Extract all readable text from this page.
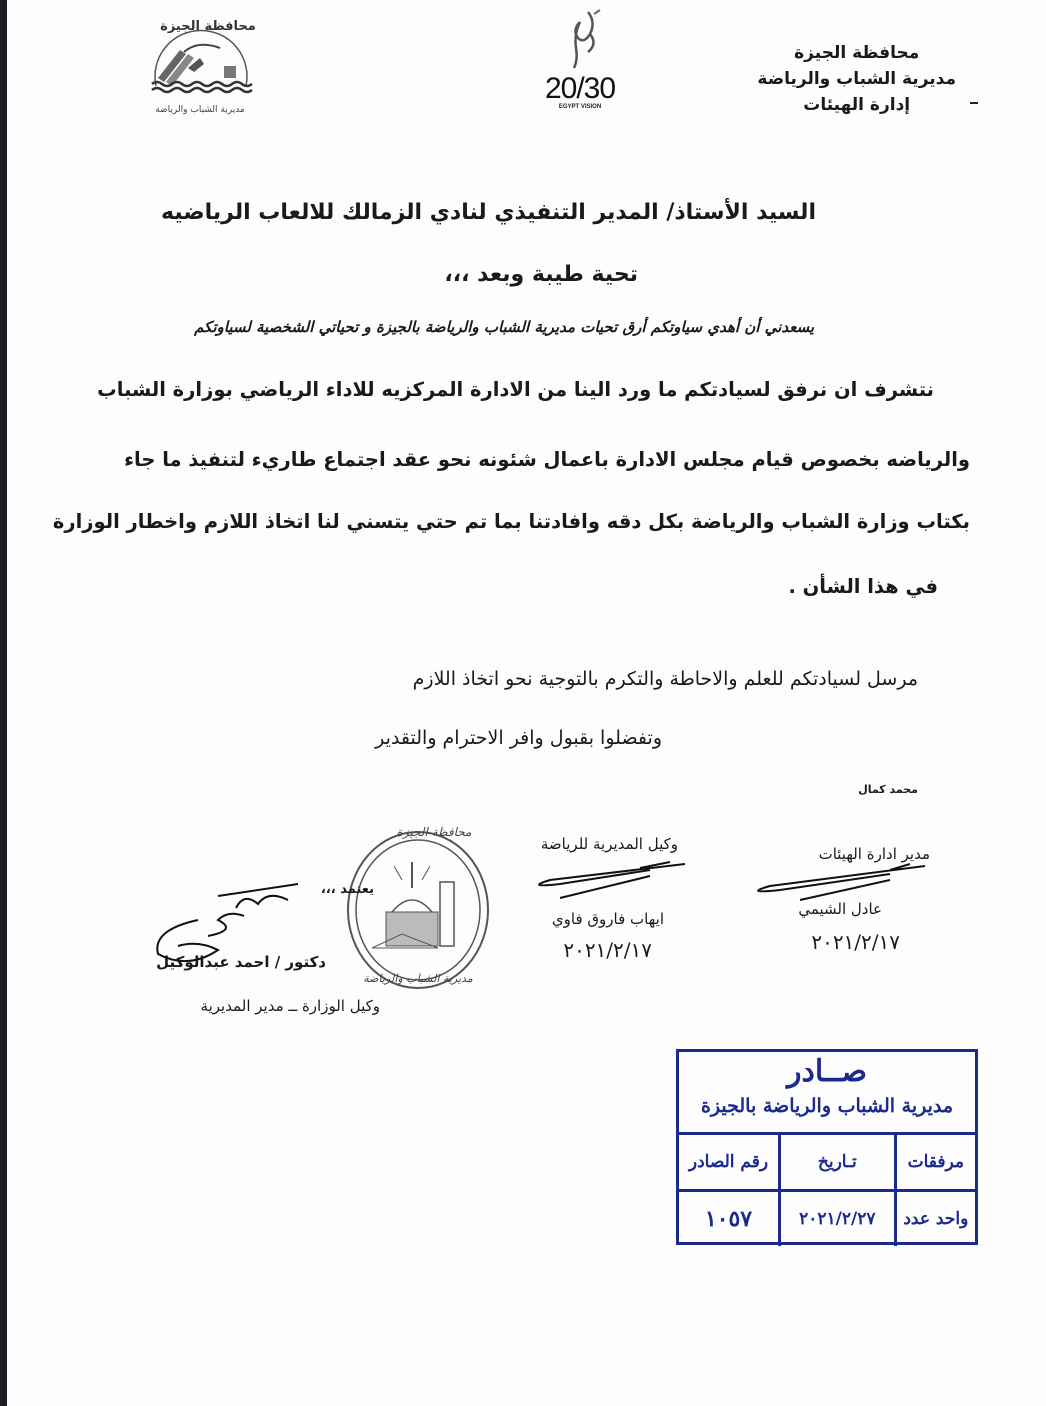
محافظة الجيزة
مديرية الشباب والرياضة
إدارة الهيئات
محافظة الجيزة
مديرية الشباب والرياضة
20/30
EGYPT VISION
السيد الأستاذ/ المدير التنفيذي لنادي الزمالك للالعاب الرياضيه
تحية طيبة وبعد ،،،
يسعدني أن أهدي سياوتكم أرق تحيات مديرية الشباب والرياضة بالجيزة و تحياتي الشخصية لسياوتكم
نتشرف ان نرفق لسيادتكم ما ورد الينا من الادارة المركزيه للاداء الرياضي بوزارة الشباب
والرياضه بخصوص قيام مجلس الادارة باعمال شئونه نحو عقد اجتماع طاريء لتنفيذ ما جاء
بكتاب وزارة الشباب والرياضة بكل دقه وافادتنا بما تم حتي يتسني لنا اتخاذ اللازم واخطار الوزارة
في هذا الشأن .
مرسل لسيادتكم للعلم والاحاطة والتكرم بالتوجية نحو اتخاذ اللازم
وتفضلوا بقبول وافر الاحترام والتقدير
محمد كمال
مدير ادارة الهيئات
عادل الشيمي
٢٠٢١/٢/١٧
وكيل المديرية للرياضة
ايهاب فاروق فاوي
٢٠٢١/٢/١٧
محافظة الجيزة
مديرية الشباب والرياضة
يعتمد ،،،
دكتور / احمد عبدالوكيل
وكيل الوزارة ــ مدير المديرية
صــادر
مديرية الشباب والرياضة بالجيزة
مرفقات
تـاريخ
رقم الصادر
واحد عدد
٢٠٢١/٢/٢٧
١٠٥٧
